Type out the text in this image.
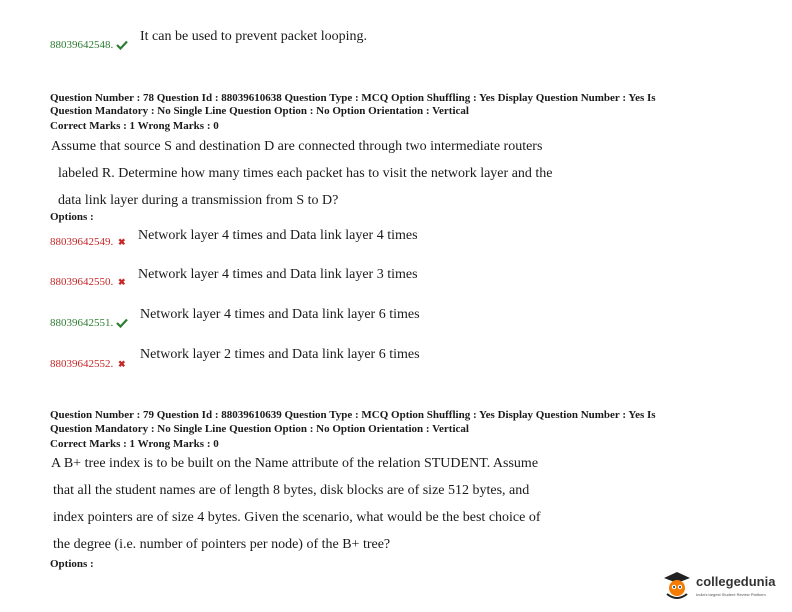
88039642548.
It can be used to prevent packet looping.
Question Number : 78 Question Id : 88039610638 Question Type : MCQ Option Shuffling : Yes Display Question Number : Yes Is
Question Mandatory : No Single Line Question Option : No Option Orientation : Vertical
Correct Marks : 1 Wrong Marks : 0
Assume that source S and destination D are connected through two intermediate routers
labeled R. Determine how many times each packet has to visit the network layer and the
data link layer during a transmission from S to D?
Options :
88039642549. ✖ Network layer 4 times and Data link layer 4 times
88039642550. ✖ Network layer 4 times and Data link layer 3 times
88039642551.
Network layer 4 times and Data link layer 6 times
88039642552. ✖
Network layer 2 times and Data link layer 6 times
Question Number : 79 Question Id : 88039610639 Question Type : MCQ Option Shuffling : Yes Display Question Number : Yes Is
Question Mandatory : No Single Line Question Option : No Option Orientation : Vertical
Correct Marks : 1 Wrong Marks : 0
A B+ tree index is to be built on the Name attribute of the relation STUDENT. Assume
that all the student names are of length 8 bytes, disk blocks are of size 512 bytes, and
index pointers are of size 4 bytes. Given the scenario, what would be the best choice of
the degree (i.e. number of pointers per node) of the B+ tree?
Options :
collegedunia
India's largest Student Review Platform
